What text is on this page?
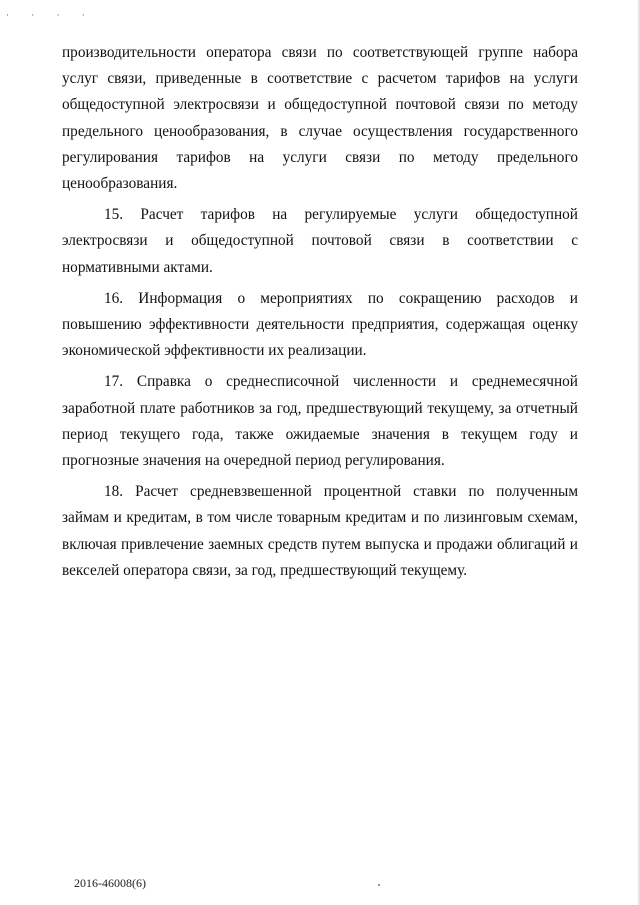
· · · ·

производительности оператора связи по соответствующей группе набора услуг связи, приведенные в соответствие с расчетом тарифов на услуги общедоступной электросвязи и общедоступной почтовой связи по методу предельного ценообразования, в случае осуществления государственного регулирования тарифов на услуги связи по методу предельного ценообразования.

15. Расчет тарифов на регулируемые услуги общедоступной электросвязи и общедоступной почтовой связи в соответствии с нормативными актами.

16. Информация о мероприятиях по сокращению расходов и повышению эффективности деятельности предприятия, содержащая оценку экономической эффективности их реализации.

17. Справка о среднесписочной численности и среднемесячной заработной плате работников за год, предшествующий текущему, за отчетный период текущего года, также ожидаемые значения в текущем году и прогнозные значения на очередной период регулирования.

18. Расчет средневзвешенной процентной ставки по полученным займам и кредитам, в том числе товарным кредитам и по лизинговым схемам, включая привлечение заемных средств путем выпуска и продажи облигаций и векселей оператора связи, за год, предшествующий текущему.

2016-46008(6)
